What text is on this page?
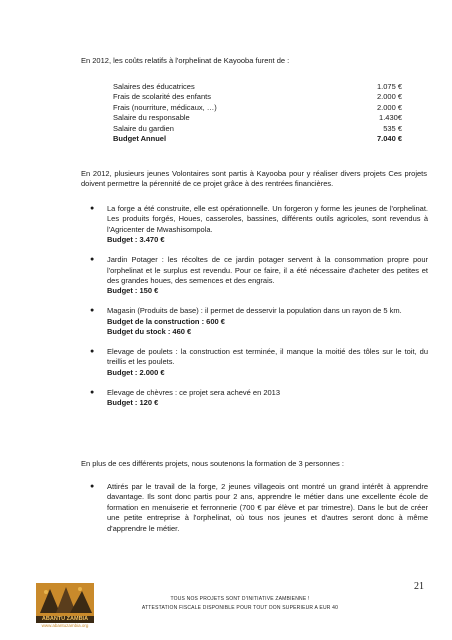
En 2012, les coûts relatifs à l'orphelinat de Kayooba furent de :
Salaires des éducatrices	1.075 €
Frais de scolarité des enfants	2.000 €
Frais (nourriture, médicaux, …)	2.000 €
Salaire du responsable	1.430€
Salaire du gardien	535 €
Budget Annuel	7.040 €
En 2012, plusieurs jeunes Volontaires sont partis à Kayooba pour y réaliser divers projets Ces projets doivent permettre la pérennité de ce projet grâce à des rentrées financières.
●	La forge a été construite, elle est opérationnelle. Un forgeron y forme les jeunes de l'orphelinat. Les produits forgés, Houes, casseroles, bassines, différents outils agricoles, sont revendus à l'Agricenter de Mwashisompola.
Budget : 3.470 €
●	Jardin Potager : les récoltes de ce jardin potager servent à la consommation propre pour l'orphelinat et le surplus est revendu. Pour ce faire, il a été nécessaire d'acheter des petites et des grandes houes, des semences et des engrais.
Budget : 150 €
●	Magasin (Produits de base) : il permet de desservir la population dans un rayon de 5 km.
Budget de la construction : 600 €
Budget du stock : 460 €
●	Elevage de poulets : la construction est terminée, il manque la moitié des tôles sur le toit, du treillis et les poulets.
Budget : 2.000 €
●	Elevage de chèvres : ce projet sera achevé en 2013
Budget : 120 €
En plus de ces différents projets, nous soutenons la formation de 3 personnes :
●	Attirés par le travail de la forge, 2 jeunes villageois ont montré un grand intérêt à apprendre davantage. Ils sont donc partis pour 2 ans, apprendre le métier dans une excellente école de formation en menuiserie et ferronnerie (700 € par élève et par trimestre). Dans le but de créer une petite entreprise à l'orphelinat, où tous nos jeunes et d'autres seront donc à même d'apprendre le métier.
ABANTU ZAMBIA
www.abantuzambia.org
21
TOUS NOS PROJETS SONT D'INITIATIVE ZAMBIENNE !
ATTESTATION FISCALE DISPONIBLE POUR TOUT DON SUPERIEUR A EUR 40
